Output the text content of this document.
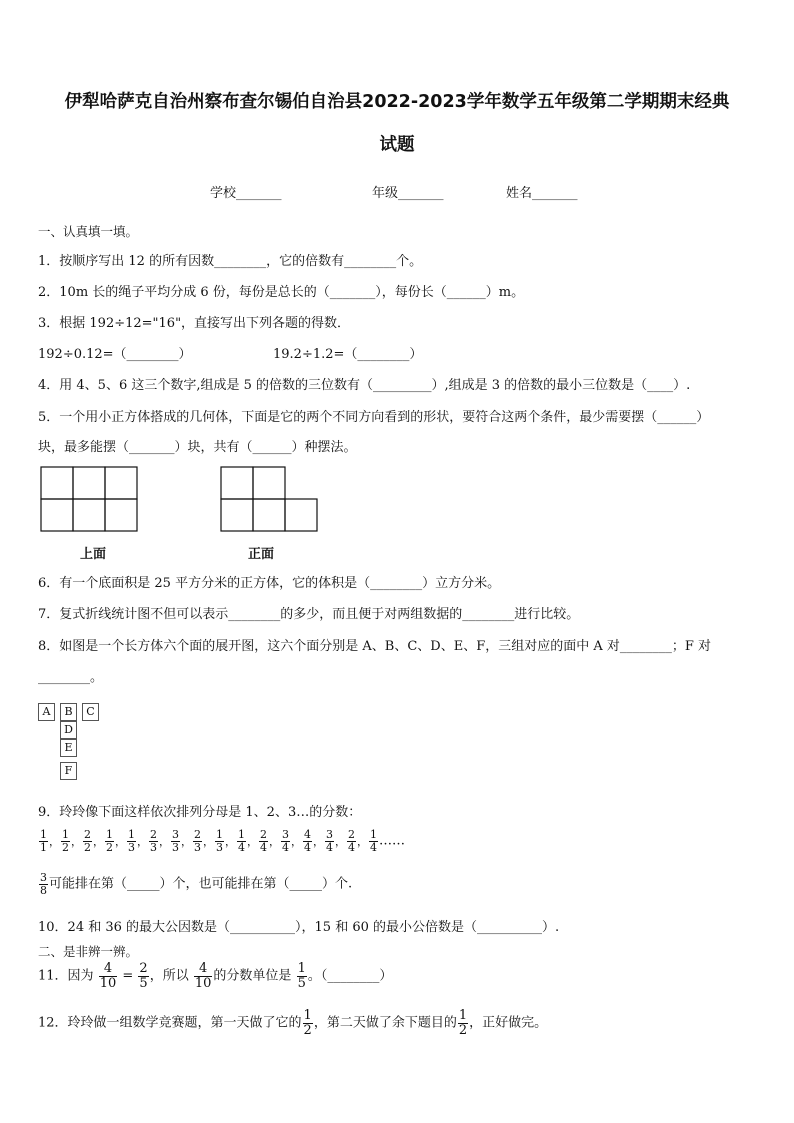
伊犁哈萨克自治州察布查尔锡伯自治县2022-2023学年数学五年级第二学期期末经典
试题
学校_______	年级_______	姓名_______
一、认真填一填。
1．按顺序写出 12 的所有因数________，它的倍数有________个。
2．10m 长的绳子平均分成 6 份，每份是总长的（_______），每份长（______）m。
3．根据 192÷12="16"，直接写出下列各题的得数．
192÷0.12=（________）	19.2÷1.2=（________）
4．用 4、5、6 这三个数字,组成是 5 的倍数的三位数有（_________）,组成是 3 的倍数的最小三位数是（____）.
5．一个用小正方体搭成的几何体，下面是它的两个不同方向看到的形状，要符合这两个条件，最少需要摆（______）
块，最多能摆（_______）块，共有（______）种摆法。
上面	正面
6．有一个底面积是 25 平方分米的正方体，它的体积是（________）立方分米。
7．复式折线统计图不但可以表示________的多少，而且便于对两组数据的________进行比较。
8．如图是一个长方体六个面的展开图，这六个面分别是 A、B、C、D、E、F，三组对应的面中 A 对________；F 对
________。
A	B	C
D
E
F
9．玲玲像下面这样依次排列分母是 1、2、3…的分数：
$\frac{1}{1}$ ， $\frac{1}{2}$ ， $\frac{2}{2}$ ， $\frac{1}{2}$ ， $\frac{1}{3}$ ， $\frac{2}{3}$ ， $\frac{3}{3}$ ， $\frac{2}{3}$ ， $\frac{1}{3}$ ， $\frac{1}{4}$ ， $\frac{2}{4}$ ， $\frac{3}{4}$ ， $\frac{4}{4}$ ， $\frac{3}{4}$ ， $\frac{2}{4}$ ， $\frac{1}{4}$ ……
$\frac{3}{8}$ 可能排在第（_____）个，也可能排在第（_____）个.
10．24 和 36 的最大公因数是（__________），15 和 60 的最小公倍数是（__________）.
二、是非辨一辨。
11．因为 $\frac{4}{10} = \frac{2}{5}$ ，所以 $\frac{4}{10}$ 的分数单位是 $\frac{1}{5}$ 。（________）
12．玲玲做一组数学竞赛题，第一天做了它的 $\frac{1}{2}$ ，第二天做了余下题目的 $\frac{1}{2}$ ，正好做完。
